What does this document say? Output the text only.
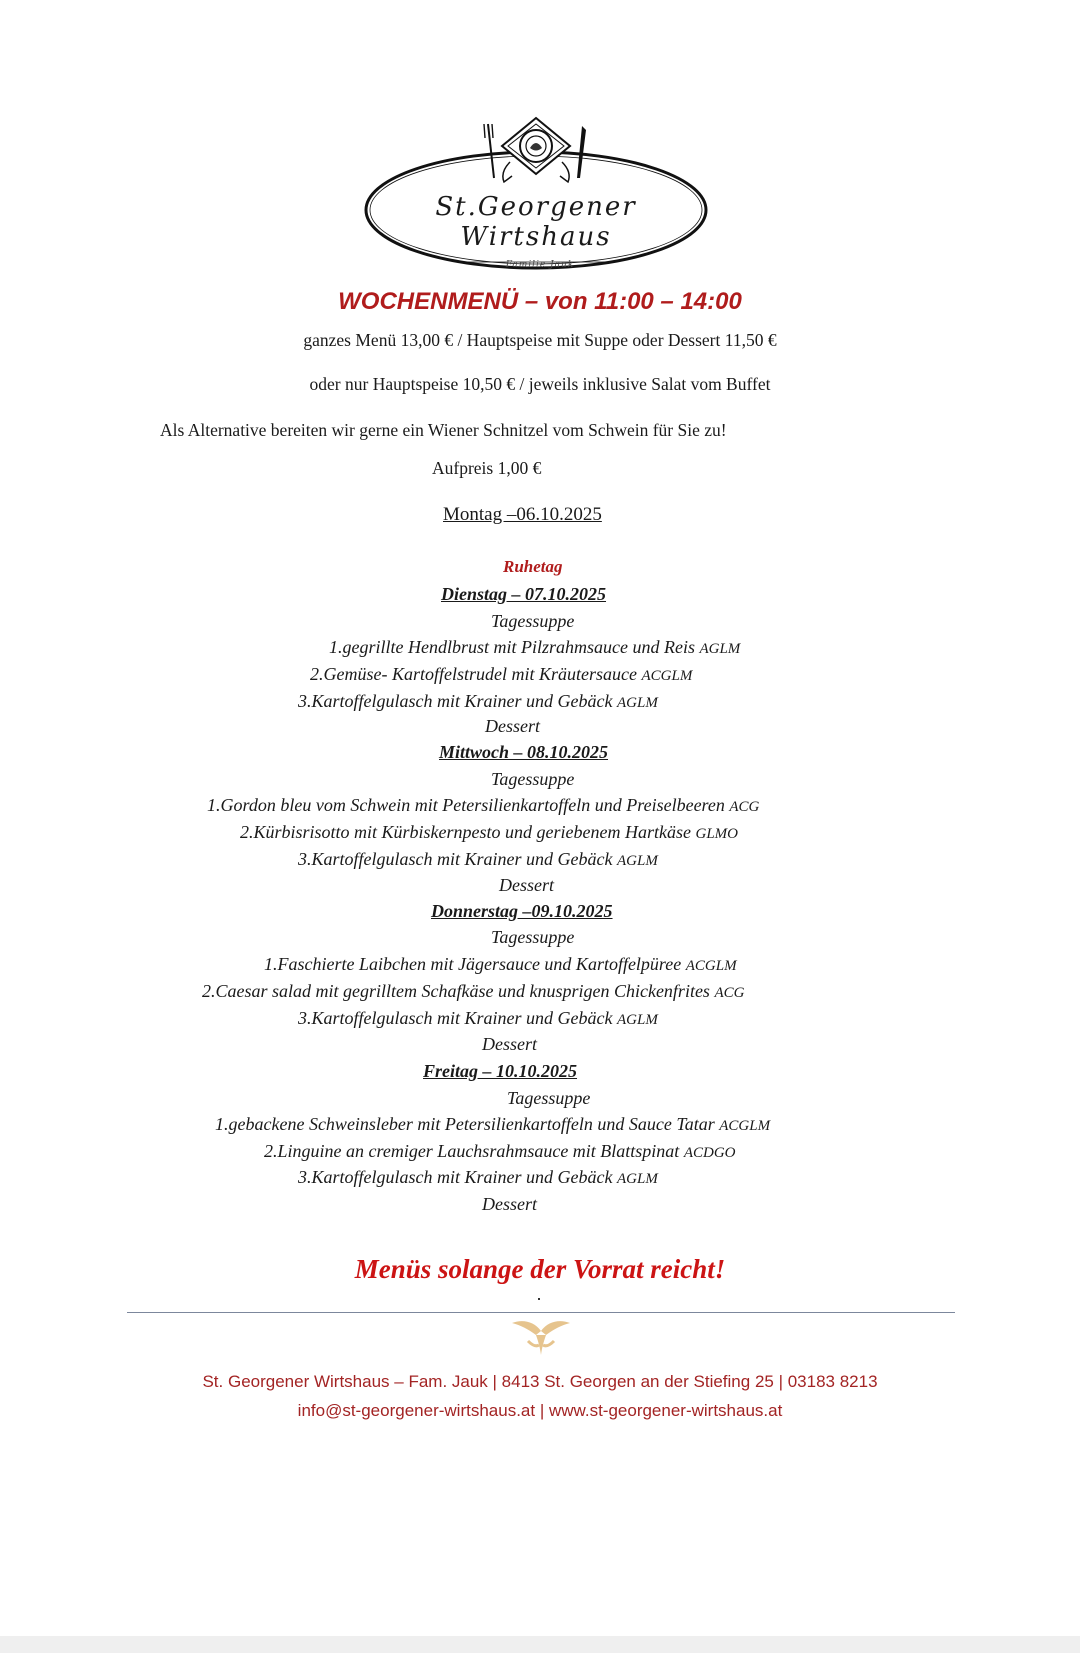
St.Georgener Wirtshaus
Familie Jauk
WOCHENMENÜ – von 11:00 – 14:00
ganzes Menü 13,00 € / Hauptspeise mit Suppe oder Dessert 11,50 €
oder nur Hauptspeise 10,50 € / jeweils inklusive Salat vom Buffet
Als Alternative bereiten wir gerne ein Wiener Schnitzel vom Schwein für Sie zu!
Aufpreis 1,00 €
Montag –06.10.2025
Ruhetag
Dienstag – 07.10.2025
Tagessuppe
1.gegrillte Hendlbrust mit Pilzrahmsauce und Reis AGLM
2.Gemüse- Kartoffelstrudel mit Kräutersauce ACGLM
3.Kartoffelgulasch mit Krainer und Gebäck AGLM
Dessert
Mittwoch – 08.10.2025
Tagessuppe
1.Gordon bleu vom Schwein mit Petersilienkartoffeln und Preiselbeeren ACG
2.Kürbisrisotto mit Kürbiskernpesto und geriebenem Hartkäse GLMO
3.Kartoffelgulasch mit Krainer und Gebäck AGLM
Dessert
Donnerstag –09.10.2025
Tagessuppe
1.Faschierte Laibchen mit Jägersauce und Kartoffelpüree ACGLM
2.Caesar salad mit gegrilltem Schafkäse und knusprigen Chickenfrites ACG
3.Kartoffelgulasch mit Krainer und Gebäck AGLM
Dessert
Freitag – 10.10.2025
Tagessuppe
1.gebackene Schweinsleber mit Petersilienkartoffeln und Sauce Tatar ACGLM
2.Linguine an cremiger Lauchsrahmsauce mit Blattspinat ACDGO
3.Kartoffelgulasch mit Krainer und Gebäck AGLM
Dessert
Menüs solange der Vorrat reicht!
St. Georgener Wirtshaus – Fam. Jauk | 8413 St. Georgen an der Stiefing 25 | 03183 8213
info@st-georgener-wirtshaus.at | www.st-georgener-wirtshaus.at
